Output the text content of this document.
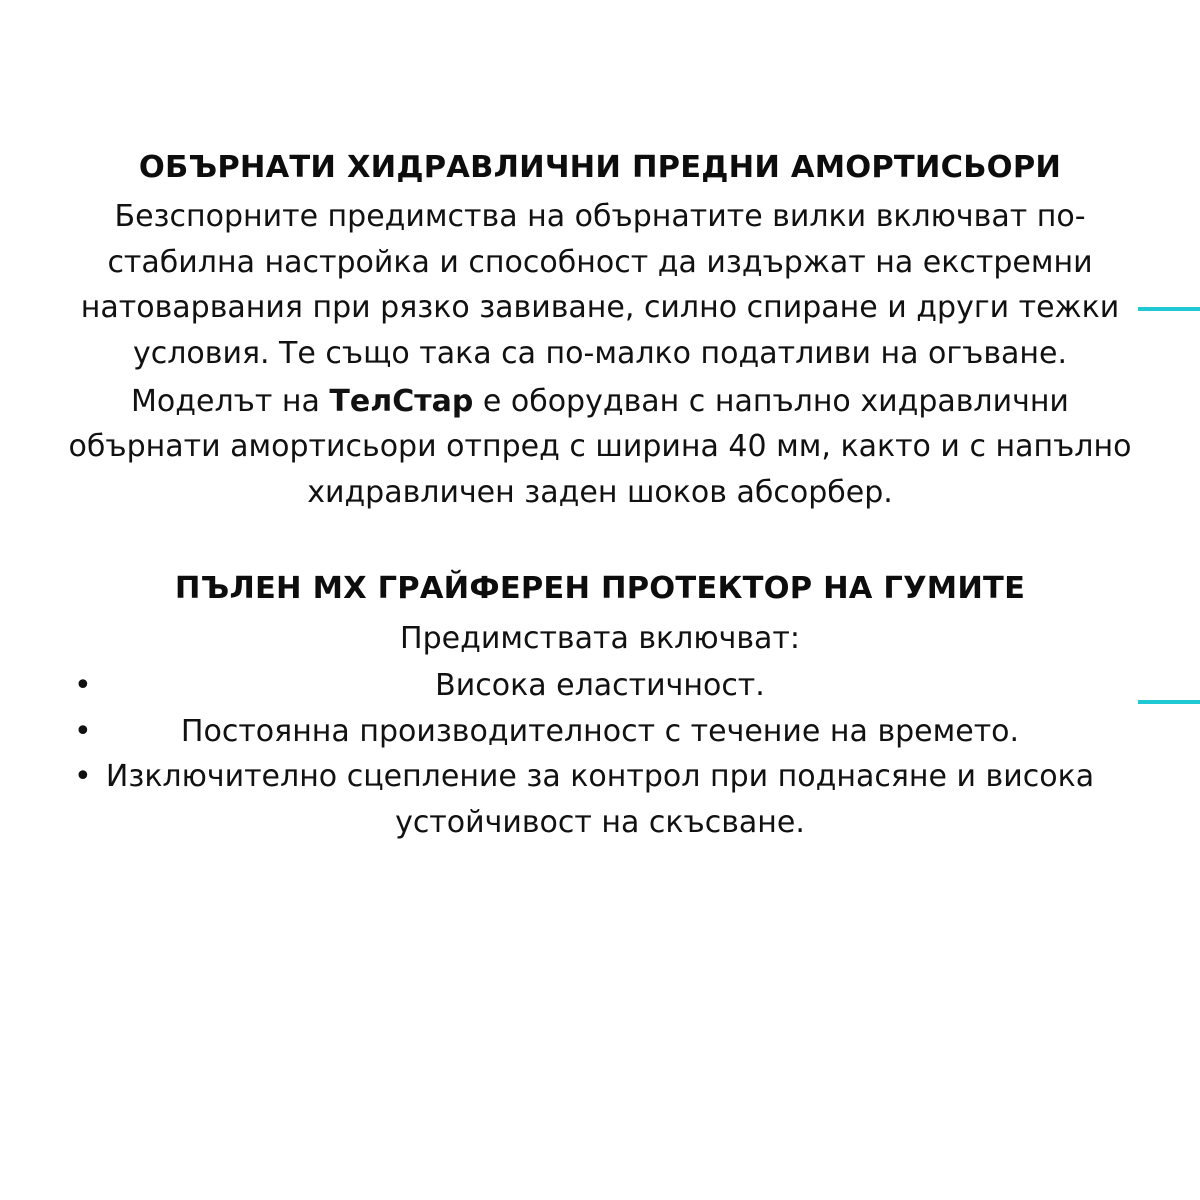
ОБЪРНАТИ ХИДРАВЛИЧНИ ПРЕДНИ АМОРТИСЬОРИ

Безспорните предимства на обърнатите вилки включват по-стабилна настройка и способност да издържат на екстремни натоварвания при рязко завиване, силно спиране и други тежки условия. Те също така са по-малко податливи на огъване.

Моделът на ТелСтар е оборудван с напълно хидравлични обърнати амортисьори отпред с ширина 40 мм, както и с напълно хидравличен заден шоков абсорбер.

ПЪЛЕН MX ГРАЙФЕРЕН ПРОТЕКТОР НА ГУМИТЕ

Предимствата включват:

•	Висока еластичност.
•	Постоянна производителност с течение на времето.
• Изключително сцепление за контрол при поднасяне и висока устойчивост на скъсване.
